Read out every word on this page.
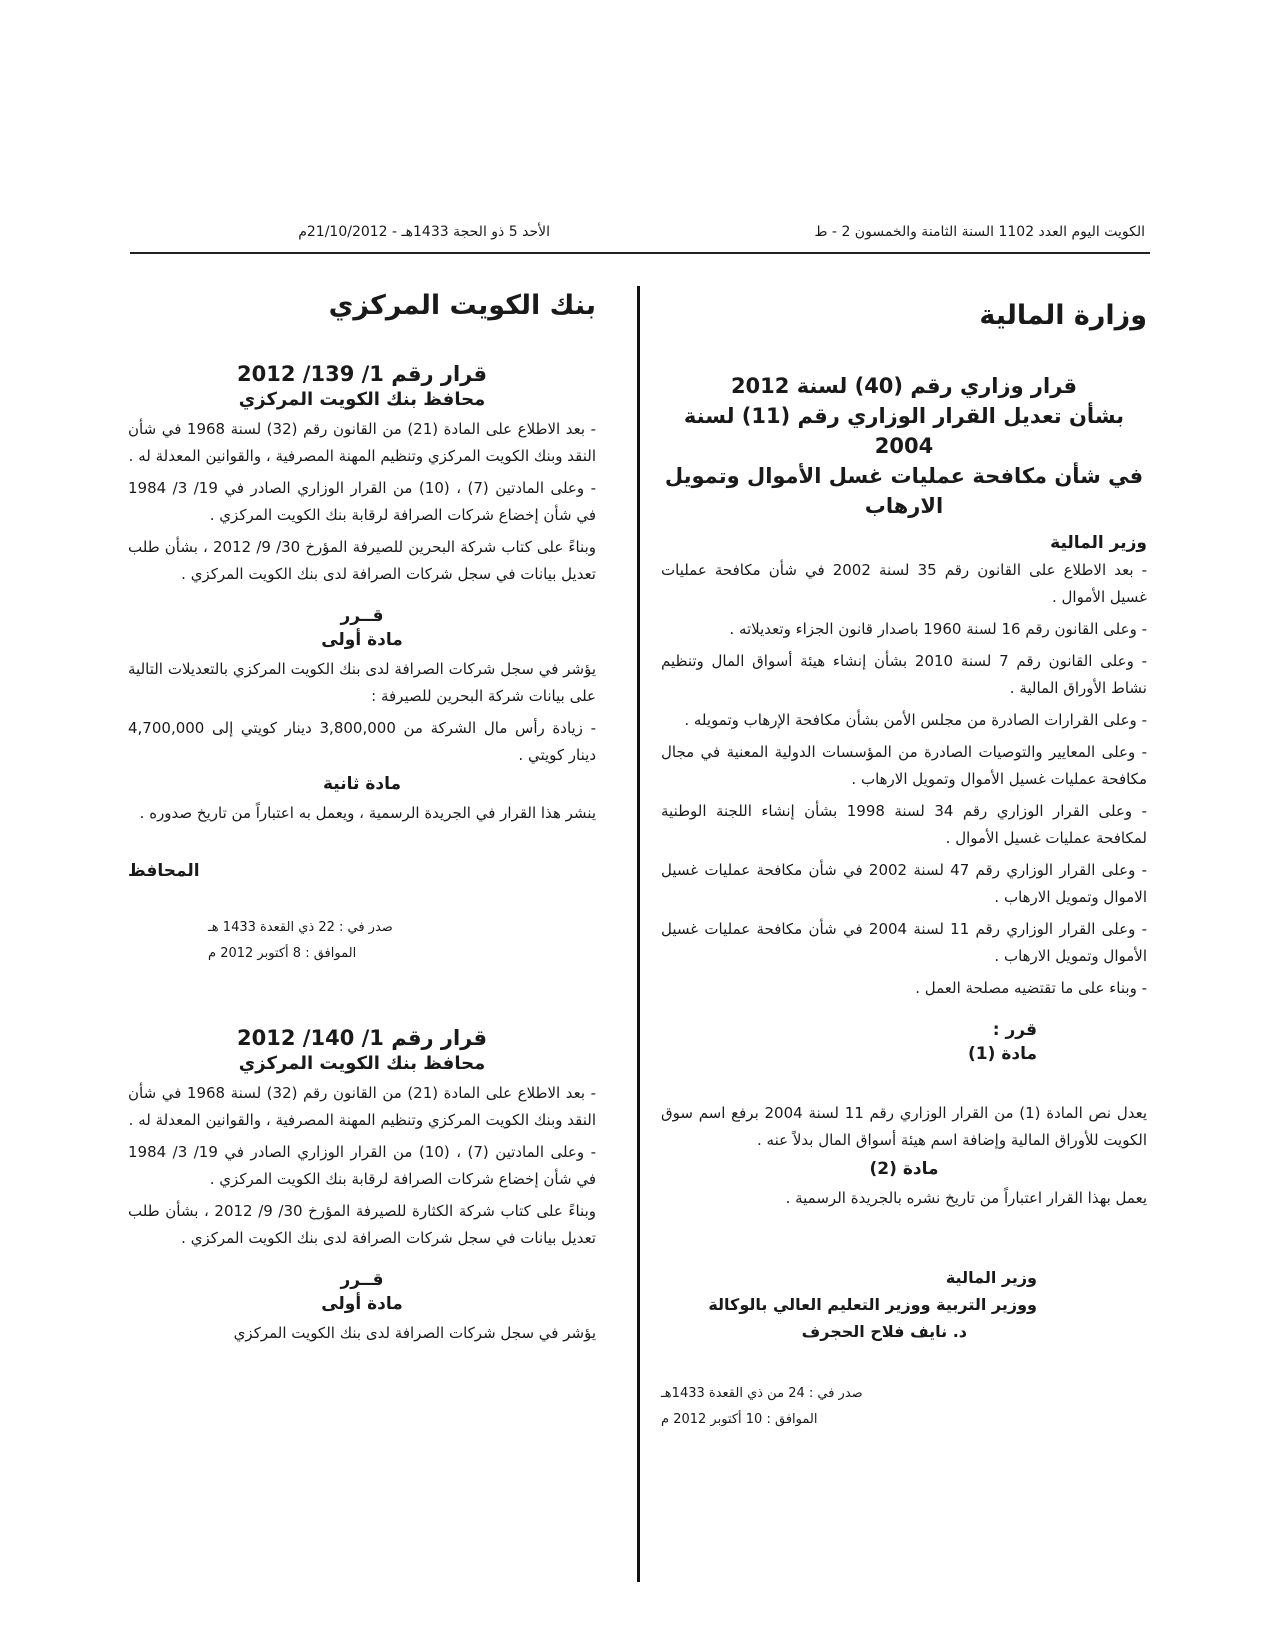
الكويت اليوم العدد 1102 السنة الثامنة والخمسون 2 - ط
الأحد 5 ذو الحجة 1433هـ - 21/10/2012م
وزارة المالية
قرار وزاري رقم (40) لسنة 2012
بشأن تعديل القرار الوزاري رقم (11) لسنة 2004
في شأن مكافحة عمليات غسل الأموال وتمويل
الارهاب
وزير المالية

- بعد الاطلاع على القانون رقم 35 لسنة 2002 في شأن مكافحة عمليات غسيل الأموال .

- وعلى القانون رقم 16 لسنة 1960 باصدار قانون الجزاء وتعديلاته .

- وعلى القانون رقم 7 لسنة 2010 بشأن إنشاء هيئة أسواق المال وتنظيم نشاط الأوراق المالية .

- وعلى القرارات الصادرة من مجلس الأمن بشأن مكافحة الإرهاب وتمويله .

- وعلى المعايير والتوصيات الصادرة من المؤسسات الدولية المعنية في مجال مكافحة عمليات غسيل الأموال وتمويل الارهاب .

- وعلى القرار الوزاري رقم 34 لسنة 1998 بشأن إنشاء اللجنة الوطنية لمكافحة عمليات غسيل الأموال .

- وعلى القرار الوزاري رقم 47 لسنة 2002 في شأن مكافحة عمليات غسيل الاموال وتمويل الارهاب .

- وعلى القرار الوزاري رقم 11 لسنة 2004 في شأن مكافحة عمليات غسيل الأموال وتمويل الارهاب .

- وبناء على ما تقتضيه مصلحة العمل .

قرر :
مادة (1)

يعدل نص المادة (1) من القرار الوزاري رقم 11 لسنة 2004 برفع اسم سوق الكويت للأوراق المالية وإضافة اسم هيئة أسواق المال بدلاً عنه .

مادة (2)

يعمل بهذا القرار اعتباراً من تاريخ نشره بالجريدة الرسمية .

وزير المالية

ووزير التربية ووزير التعليم العالي بالوكالة

د. نايف فلاح الحجرف

صدر في : 24 من ذي القعدة 1433هـ

الموافق : 10 أكتوبر 2012 م

بنك الكويت المركزي
قرار رقم 1/ 139/ 2012
محافظ بنك الكويت المركزي

- بعد الاطلاع على المادة (21) من القانون رقم (32) لسنة 1968 في شأن النقد وبنك الكويت المركزي وتنظيم المهنة المصرفية ، والقوانين المعدلة له .

- وعلى المادتين (7) ، (10) من القرار الوزاري الصادر في 19/ 3/ 1984 في شأن إخضاع شركات الصرافة لرقابة بنك الكويت المركزي .

وبناءً على كتاب شركة البحرين للصيرفة المؤرخ 30/ 9/ 2012 ، بشأن طلب تعديل بيانات في سجل شركات الصرافة لدى بنك الكويت المركزي .

قــرر
مادة أولى

يؤشر في سجل شركات الصرافة لدى بنك الكويت المركزي بالتعديلات التالية على بيانات شركة البحرين للصيرفة :

- زيادة رأس مال الشركة من 3,800,000 دينار كويتي إلى 4,700,000 دينار كويتي .

مادة ثانية

ينشر هذا القرار في الجريدة الرسمية ، ويعمل به اعتباراً من تاريخ صدوره .

المحافظ

صدر في : 22 ذي القعدة 1433 هـ

الموافق : 8 أكتوبر 2012 م

قرار رقم 1/ 140/ 2012
محافظ بنك الكويت المركزي

- بعد الاطلاع على المادة (21) من القانون رقم (32) لسنة 1968 في شأن النقد وبنك الكويت المركزي وتنظيم المهنة المصرفية ، والقوانين المعدلة له .

- وعلى المادتين (7) ، (10) من القرار الوزاري الصادر في 19/ 3/ 1984 في شأن إخضاع شركات الصرافة لرقابة بنك الكويت المركزي .

وبناءً على كتاب شركة الكثارة للصيرفة المؤرخ 30/ 9/ 2012 ، بشأن طلب تعديل بيانات في سجل شركات الصرافة لدى بنك الكويت المركزي .

قــرر
مادة أولى

يؤشر في سجل شركات الصرافة لدى بنك الكويت المركزي
